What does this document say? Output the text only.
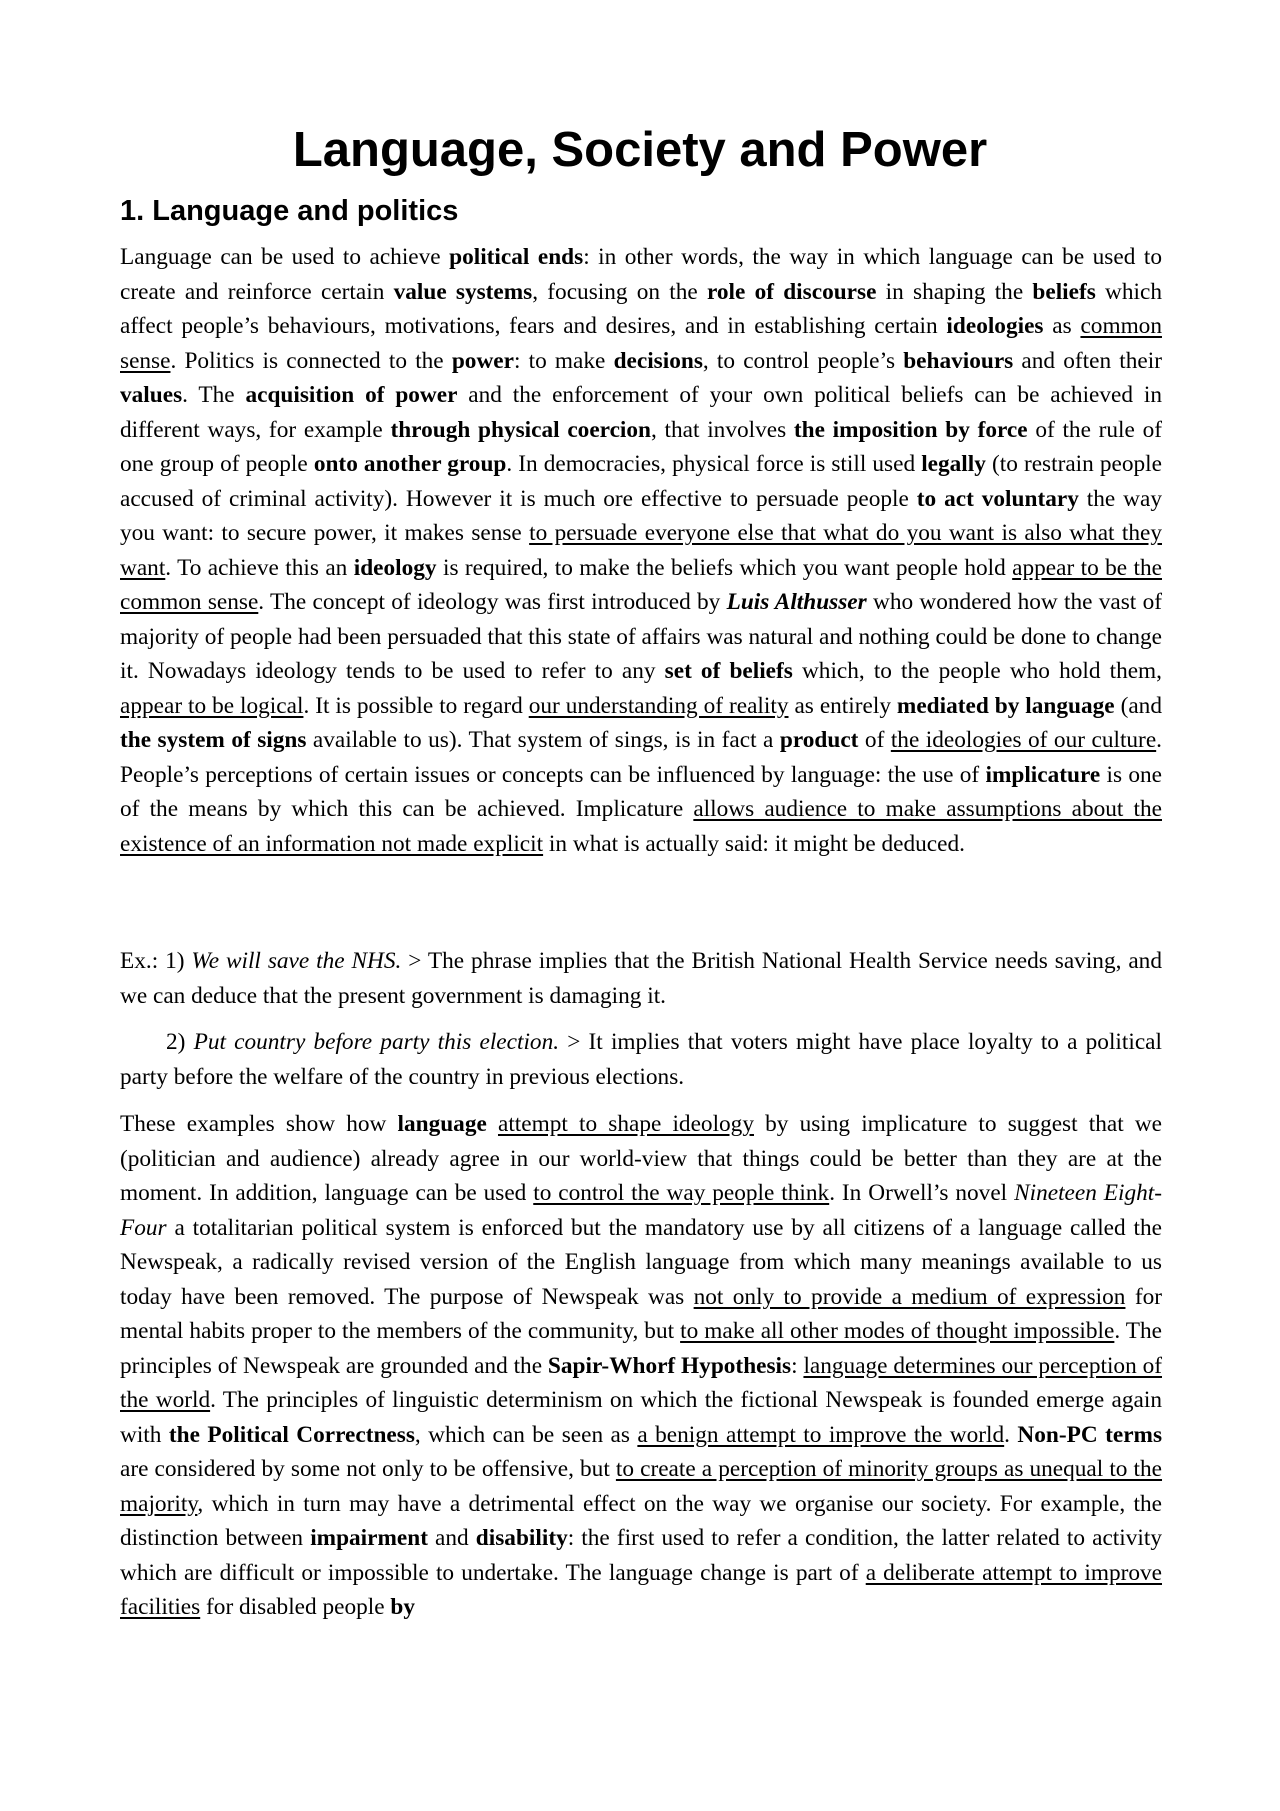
Language, Society and Power
1. Language and politics

Language can be used to achieve political ends: in other words, the way in which language can be used to create and reinforce certain value systems, focusing on the role of discourse in shaping the beliefs which affect people’s behaviours, motivations, fears and desires, and in establishing certain ideologies as common sense. Politics is connected to the power: to make decisions, to control people’s behaviours and often their values. The acquisition of power and the enforcement of your own political beliefs can be achieved in different ways, for example through physical coercion, that involves the imposition by force of the rule of one group of people onto another group. In democracies, physical force is still used legally (to restrain people accused of criminal activity). However it is much ore effective to persuade people to act voluntary the way you want: to secure power, it makes sense to persuade everyone else that what do you want is also what they want. To achieve this an ideology is required, to make the beliefs which you want people hold appear to be the common sense. The concept of ideology was first introduced by Luis Althusser who wondered how the vast of majority of people had been persuaded that this state of affairs was natural and nothing could be done to change it. Nowadays ideology tends to be used to refer to any set of beliefs which, to the people who hold them, appear to be logical. It is possible to regard our understanding of reality as entirely mediated by language (and the system of signs available to us). That system of sings, is in fact a product of the ideologies of our culture. People’s perceptions of certain issues or concepts can be influenced by language: the use of implicature is one of the means by which this can be achieved. Implicature allows audience to make assumptions about the existence of an information not made explicit in what is actually said: it might be deduced.

Ex.: 1) We will save the NHS. > The phrase implies that the British National Health Service needs saving, and we can deduce that the present government is damaging it.

2) Put country before party this election. > It implies that voters might have place loyalty to a political party before the welfare of the country in previous elections.

These examples show how language attempt to shape ideology by using implicature to suggest that we (politician and audience) already agree in our world-view that things could be better than they are at the moment. In addition, language can be used to control the way people think. In Orwell’s novel Nineteen Eight-Four a totalitarian political system is enforced but the mandatory use by all citizens of a language called the Newspeak, a radically revised version of the English language from which many meanings available to us today have been removed. The purpose of Newspeak was not only to provide a medium of expression for mental habits proper to the members of the community, but to make all other modes of thought impossible. The principles of Newspeak are grounded and the Sapir-Whorf Hypothesis: language determines our perception of the world. The principles of linguistic determinism on which the fictional Newspeak is founded emerge again with the Political Correctness, which can be seen as a benign attempt to improve the world. Non-PC terms are considered by some not only to be offensive, but to create a perception of minority groups as unequal to the majority, which in turn may have a detrimental effect on the way we organise our society. For example, the distinction between impairment and disability: the first used to refer a condition, the latter related to activity which are difficult or impossible to undertake. The language change is part of a deliberate attempt to improve facilities for disabled people by
